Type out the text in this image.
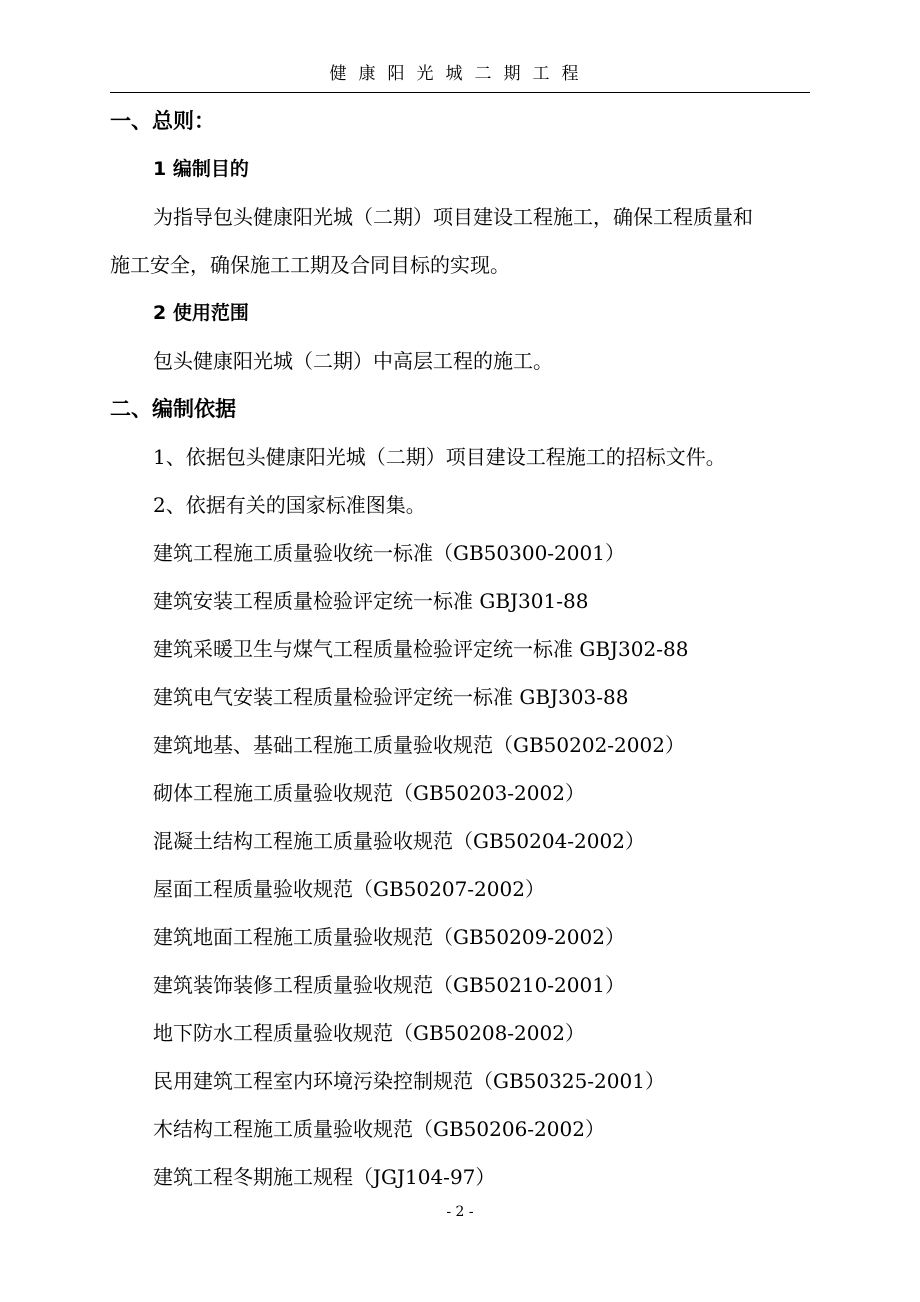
健康阳光城二期工程
一、总则：
1 编制目的
为指导包头健康阳光城（二期）项目建设工程施工，确保工程质量和
施工安全，确保施工工期及合同目标的实现。
2 使用范围
包头健康阳光城（二期）中高层工程的施工。
二、编制依据
1、依据包头健康阳光城（二期）项目建设工程施工的招标文件。
2、依据有关的国家标准图集。
建筑工程施工质量验收统一标准（GB50300-2001）
建筑安装工程质量检验评定统一标准 GBJ301-88
建筑采暖卫生与煤气工程质量检验评定统一标准 GBJ302-88
建筑电气安装工程质量检验评定统一标准 GBJ303-88
建筑地基、基础工程施工质量验收规范（GB50202-2002）
砌体工程施工质量验收规范（GB50203-2002）
混凝土结构工程施工质量验收规范（GB50204-2002）
屋面工程质量验收规范（GB50207-2002）
建筑地面工程施工质量验收规范（GB50209-2002）
建筑装饰装修工程质量验收规范（GB50210-2001）
地下防水工程质量验收规范（GB50208-2002）
民用建筑工程室内环境污染控制规范（GB50325-2001）
木结构工程施工质量验收规范（GB50206-2002）
建筑工程冬期施工规程（JGJ104-97）
- 2 -
